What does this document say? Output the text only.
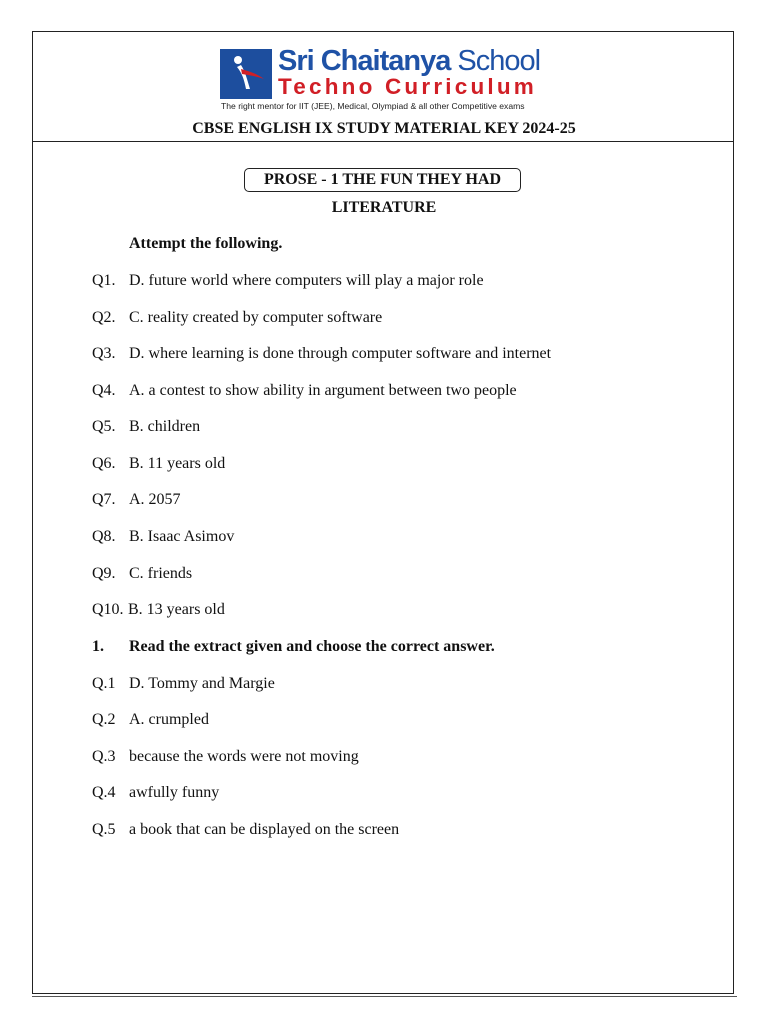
Sri Chaitanya School
Techno Curriculum
The right mentor for IIT (JEE), Medical, Olympiad & all other Competitive exams
CBSE ENGLISH IX STUDY MATERIAL KEY 2024-25
PROSE - 1 THE FUN THEY HAD
LITERATURE
Attempt the following.
Q1. D. future world where computers will play a major role
Q2. C. reality created by computer software
Q3. D. where learning is done through computer software and internet
Q4. A. a contest to show ability in argument between two people
Q5. B. children
Q6. B. 11 years old
Q7. A. 2057
Q8. B. Isaac Asimov
Q9. C. friends
Q10. B. 13 years old
1. Read the extract given and choose the correct answer.
Q.1 D. Tommy and Margie
Q.2 A. crumpled
Q.3 because the words were not moving
Q.4 awfully funny
Q.5 a book that can be displayed on the screen
